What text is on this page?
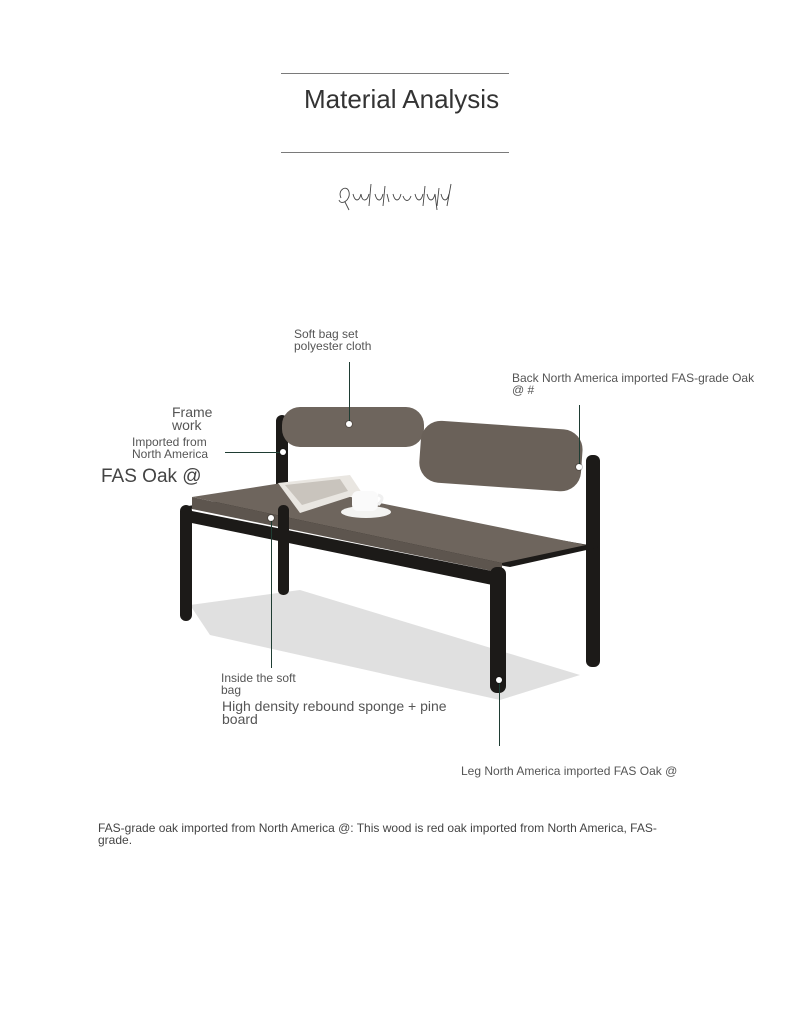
Material Analysis
Soft bag set
polyester cloth
Back North America imported FAS-grade Oak
@ #
Frame
work
Imported from
North America
FAS Oak @
Inside the soft
bag
High density rebound sponge + pine
board
Leg North America imported FAS Oak @
FAS-grade oak imported from North America @: This wood is red oak imported from North America, FAS-
grade.
